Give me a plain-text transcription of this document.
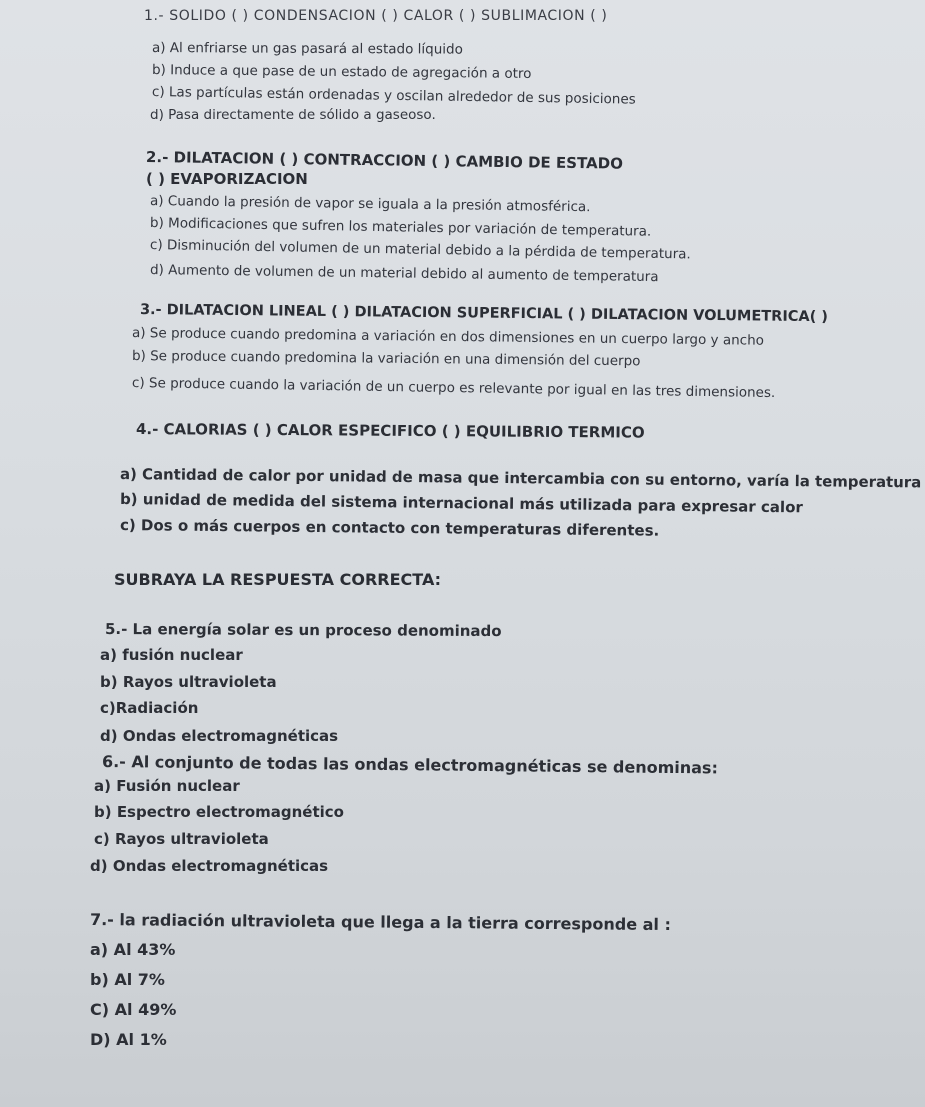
1.- SOLIDO ( ) CONDENSACION ( ) CALOR ( ) SUBLIMACION ( )
a) Al enfriarse un gas pasará al estado líquido
b) Induce a que pase de un estado de agregación a otro
c) Las partículas están ordenadas y oscilan alrededor de sus posiciones
d) Pasa directamente de sólido a gaseoso.
2.- DILATACION ( ) CONTRACCION ( ) CAMBIO DE ESTADO
( ) EVAPORIZACION
a) Cuando la presión de vapor se iguala a la presión atmosférica.
b) Modificaciones que sufren los materiales por variación de temperatura.
c) Disminución del volumen de un material debido a la pérdida de temperatura.
d) Aumento de volumen de un material debido al aumento de temperatura
3.- DILATACION LINEAL ( ) DILATACION SUPERFICIAL ( ) DILATACION VOLUMETRICA( )
a) Se produce cuando predomina a variación en dos dimensiones en un cuerpo largo y ancho
b) Se produce cuando predomina la variación en una dimensión del cuerpo
c) Se produce cuando la variación de un cuerpo es relevante por igual en las tres dimensiones.
4.- CALORIAS ( ) CALOR ESPECIFICO ( ) EQUILIBRIO TERMICO
a) Cantidad de calor por unidad de masa que intercambia con su entorno, varía la temperatura
b) unidad de medida del sistema internacional más utilizada para expresar calor
c) Dos o más cuerpos en contacto con temperaturas diferentes.
SUBRAYA LA RESPUESTA CORRECTA:
5.- La energía solar es un proceso denominado
a) fusión nuclear
b) Rayos ultravioleta
c)Radiación
d) Ondas electromagnéticas
6.- Al conjunto de todas las ondas electromagnéticas se denominas:
a) Fusión nuclear
b) Espectro electromagnético
c) Rayos ultravioleta
d) Ondas electromagnéticas
7.- la radiación ultravioleta que llega a la tierra corresponde al :
a) Al 43%
b) Al 7%
C) Al 49%
D) Al 1%
